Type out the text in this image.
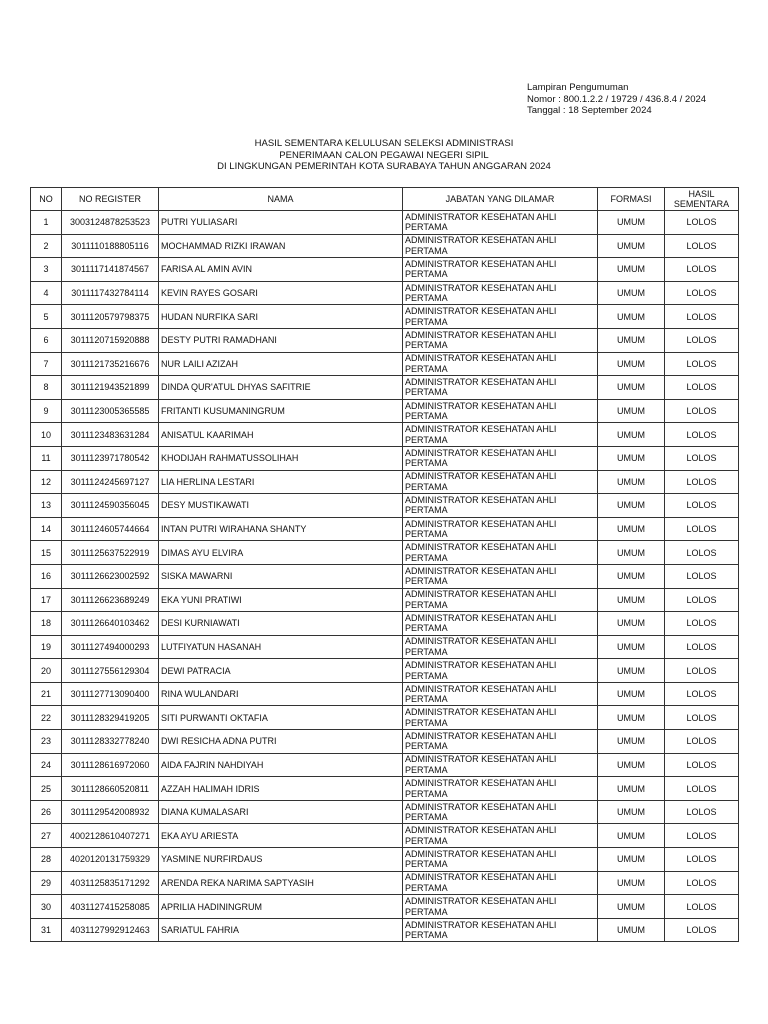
Lampiran Pengumuman
Nomor : 800.1.2.2 / 19729 / 436.8.4 / 2024
Tanggal : 18 September 2024
HASIL SEMENTARA KELULUSAN SELEKSI ADMINISTRASI
PENERIMAAN CALON PEGAWAI NEGERI SIPIL
DI LINGKUNGAN PEMERINTAH KOTA SURABAYA TAHUN ANGGARAN 2024
NO	NO REGISTER	NAMA	JABATAN YANG DILAMAR	FORMASI	HASIL
SEMENTARA

1	3003124878253523	PUTRI YULIASARI	ADMINISTRATOR KESEHATAN AHLI
PERTAMA	UMUM	LOLOS
2	3011110188805116	MOCHAMMAD RIZKI IRAWAN	ADMINISTRATOR KESEHATAN AHLI
PERTAMA	UMUM	LOLOS
3	3011117141874567	FARISA AL AMIN AVIN	ADMINISTRATOR KESEHATAN AHLI
PERTAMA	UMUM	LOLOS
4	3011117432784114	KEVIN RAYES GOSARI	ADMINISTRATOR KESEHATAN AHLI
PERTAMA	UMUM	LOLOS
5	3011120579798375	HUDAN NURFIKA SARI	ADMINISTRATOR KESEHATAN AHLI
PERTAMA	UMUM	LOLOS
6	3011120715920888	DESTY PUTRI RAMADHANI	ADMINISTRATOR KESEHATAN AHLI
PERTAMA	UMUM	LOLOS
7	3011121735216676	NUR LAILI AZIZAH	ADMINISTRATOR KESEHATAN AHLI
PERTAMA	UMUM	LOLOS
8	3011121943521899	DINDA QUR'ATUL DHYAS SAFITRIE	ADMINISTRATOR KESEHATAN AHLI
PERTAMA	UMUM	LOLOS
9	3011123005365585	FRITANTI KUSUMANINGRUM	ADMINISTRATOR KESEHATAN AHLI
PERTAMA	UMUM	LOLOS
10	3011123483631284	ANISATUL KAARIMAH	ADMINISTRATOR KESEHATAN AHLI
PERTAMA	UMUM	LOLOS
11	3011123971780542	KHODIJAH RAHMATUSSOLIHAH	ADMINISTRATOR KESEHATAN AHLI
PERTAMA	UMUM	LOLOS
12	3011124245697127	LIA HERLINA LESTARI	ADMINISTRATOR KESEHATAN AHLI
PERTAMA	UMUM	LOLOS
13	3011124590356045	DESY MUSTIKAWATI	ADMINISTRATOR KESEHATAN AHLI
PERTAMA	UMUM	LOLOS
14	3011124605744664	INTAN PUTRI WIRAHANA SHANTY	ADMINISTRATOR KESEHATAN AHLI
PERTAMA	UMUM	LOLOS
15	3011125637522919	DIMAS AYU ELVIRA	ADMINISTRATOR KESEHATAN AHLI
PERTAMA	UMUM	LOLOS
16	3011126623002592	SISKA MAWARNI	ADMINISTRATOR KESEHATAN AHLI
PERTAMA	UMUM	LOLOS
17	3011126623689249	EKA YUNI PRATIWI	ADMINISTRATOR KESEHATAN AHLI
PERTAMA	UMUM	LOLOS
18	3011126640103462	DESI KURNIAWATI	ADMINISTRATOR KESEHATAN AHLI
PERTAMA	UMUM	LOLOS
19	3011127494000293	LUTFIYATUN HASANAH	ADMINISTRATOR KESEHATAN AHLI
PERTAMA	UMUM	LOLOS
20	3011127556129304	DEWI PATRACIA	ADMINISTRATOR KESEHATAN AHLI
PERTAMA	UMUM	LOLOS
21	3011127713090400	RINA WULANDARI	ADMINISTRATOR KESEHATAN AHLI
PERTAMA	UMUM	LOLOS
22	3011128329419205	SITI PURWANTI OKTAFIA	ADMINISTRATOR KESEHATAN AHLI
PERTAMA	UMUM	LOLOS
23	3011128332778240	DWI RESICHA ADNA PUTRI	ADMINISTRATOR KESEHATAN AHLI
PERTAMA	UMUM	LOLOS
24	3011128616972060	AIDA FAJRIN NAHDIYAH	ADMINISTRATOR KESEHATAN AHLI
PERTAMA	UMUM	LOLOS
25	3011128660520811	AZZAH HALIMAH IDRIS	ADMINISTRATOR KESEHATAN AHLI
PERTAMA	UMUM	LOLOS
26	3011129542008932	DIANA KUMALASARI	ADMINISTRATOR KESEHATAN AHLI
PERTAMA	UMUM	LOLOS
27	4002128610407271	EKA AYU ARIESTA	ADMINISTRATOR KESEHATAN AHLI
PERTAMA	UMUM	LOLOS
28	4020120131759329	YASMINE NURFIRDAUS	ADMINISTRATOR KESEHATAN AHLI
PERTAMA	UMUM	LOLOS
29	4031125835171292	ARENDA REKA NARIMA SAPTYASIH	ADMINISTRATOR KESEHATAN AHLI
PERTAMA	UMUM	LOLOS
30	4031127415258085	APRILIA HADININGRUM	ADMINISTRATOR KESEHATAN AHLI
PERTAMA	UMUM	LOLOS
31	4031127992912463	SARIATUL FAHRIA	ADMINISTRATOR KESEHATAN AHLI
PERTAMA	UMUM	LOLOS
